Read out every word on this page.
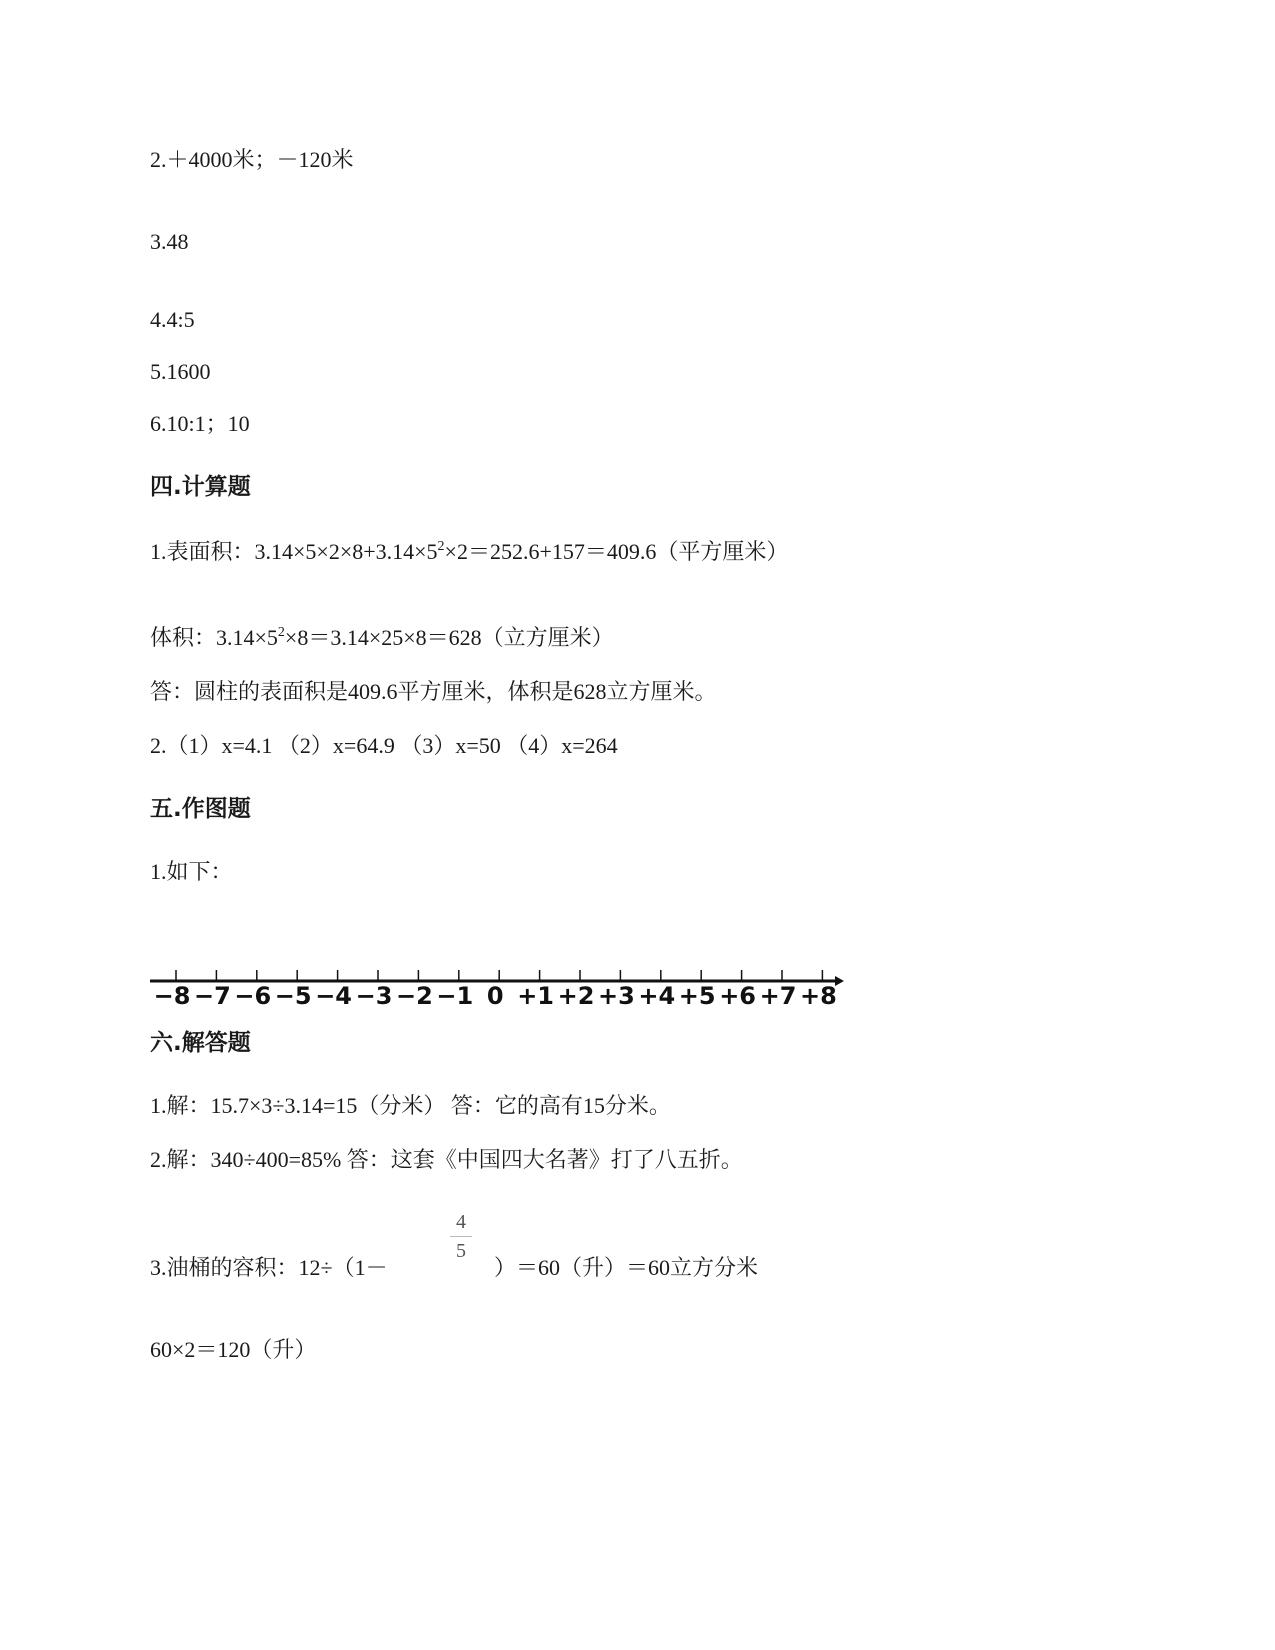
2.＋4000米；－120米
3.48
4.4:5
5.1600
6.10:1；10
四.计算题
1.表面积：$3.14\times 5\times 2\times 8+3.14\times 5^2\times 2=252.6+157=409.6$（平方厘米）
体积：$3.14\times 5^2\times 8=3.14\times 25\times 8=628$（立方厘米）
答：圆柱的表面积是409.6平方厘米，体积是628立方厘米。
2.（1）x=4.1 （2）x=64.9 （3）x=50 （4）x=264
五.作图题
1.如下：
−8 −7 −6 −5 −4 −3 −2 −1 0 +1 +2 +3 +4 +5 +6 +7 +8
六.解答题
1.解：15.7×3÷3.14=15（分米） 答：它的高有15分米。
2.解：340÷400=85% 答：这套《中国四大名著》打了八五折。
3.油桶的容积：12÷（1－
4
5
）＝60（升）＝60立方分米
60×2＝120（升）
